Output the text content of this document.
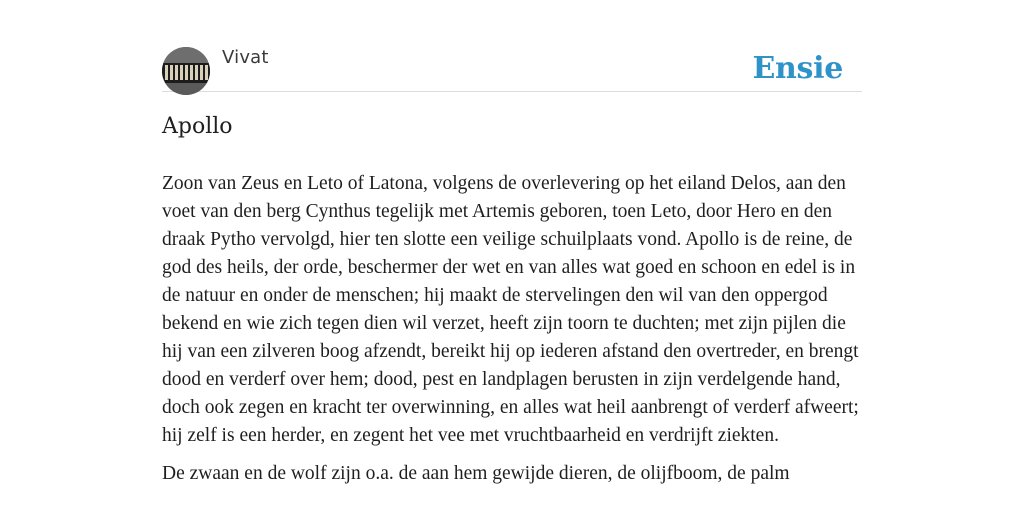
Vivat	Ensie
Apollo

Zoon van Zeus en Leto of Latona, volgens de overlevering op het eiland Delos, aan den voet van den berg Cynthus tegelijk met Artemis geboren, toen Leto, door Hero en den draak Pytho vervolgd, hier ten slotte een veilige schuilplaats vond. Apollo is de reine, de god des heils, der orde, beschermer der wet en van alles wat goed en schoon en edel is in de natuur en onder de menschen; hij maakt de stervelingen den wil van den oppergod bekend en wie zich tegen dien wil verzet, heeft zijn toorn te duchten; met zijn pijlen die hij van een zilveren boog afzendt, bereikt hij op iederen afstand den overtreder, en brengt dood en verderf over hem; dood, pest en landplagen berusten in zijn verdelgende hand, doch ook zegen en kracht ter overwinning, en alles wat heil aanbrengt of verderf afweert; hij zelf is een herder, en zegent het vee met vruchtbaarheid en verdrijft ziekten.

De zwaan en de wolf zijn o.a. de aan hem gewijde dieren, de olijfboom, de palm
